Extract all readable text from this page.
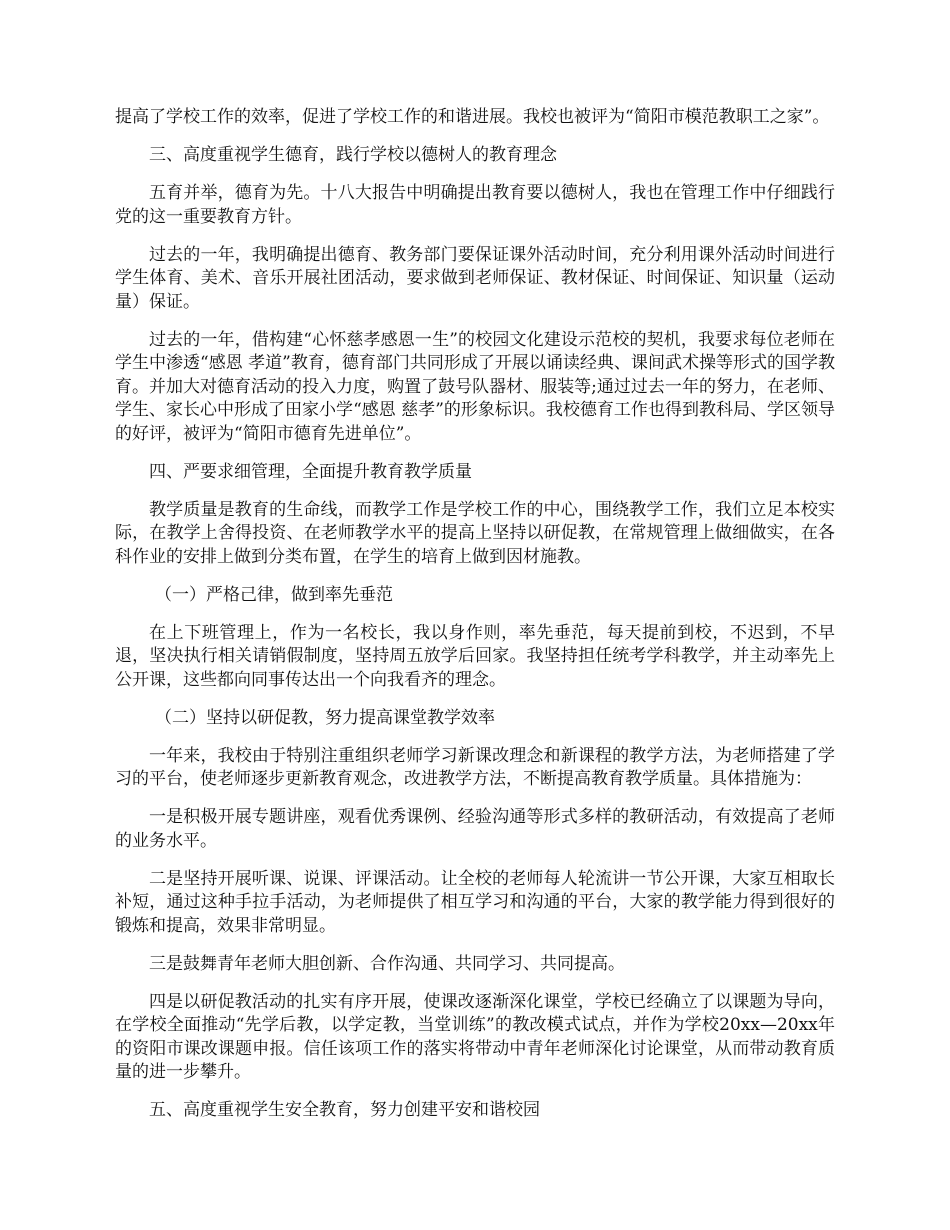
提高了学校工作的效率，促进了学校工作的和谐进展。我校也被评为“简阳市模范教职工之家”。

三、高度重视学生德育，践行学校以德树人的教育理念

五育并举，德育为先。十八大报告中明确提出教育要以德树人，我也在管理工作中仔细践行党的这一重要教育方针。

过去的一年，我明确提出德育、教务部门要保证课外活动时间，充分利用课外活动时间进行学生体育、美术、音乐开展社团活动，要求做到老师保证、教材保证、时间保证、知识量（运动量）保证。

过去的一年，借构建“心怀慈孝感恩一生”的校园文化建设示范校的契机，我要求每位老师在学生中渗透“感恩 孝道”教育，德育部门共同形成了开展以诵读经典、课间武术操等形式的国学教育。并加大对德育活动的投入力度，购置了鼓号队器材、服装等;通过过去一年的努力，在老师、学生、家长心中形成了田家小学“感恩 慈孝”的形象标识。我校德育工作也得到教科局、学区领导的好评，被评为“简阳市德育先进单位”。

四、严要求细管理，全面提升教育教学质量

教学质量是教育的生命线，而教学工作是学校工作的中心，围绕教学工作，我们立足本校实际，在教学上舍得投资、在老师教学水平的提高上坚持以研促教，在常规管理上做细做实，在各科作业的安排上做到分类布置，在学生的培育上做到因材施教。

（一）严格己律，做到率先垂范

在上下班管理上，作为一名校长，我以身作则，率先垂范，每天提前到校，不迟到，不早退，坚决执行相关请销假制度，坚持周五放学后回家。我坚持担任统考学科教学，并主动率先上公开课，这些都向同事传达出一个向我看齐的理念。

（二）坚持以研促教，努力提高课堂教学效率

一年来，我校由于特别注重组织老师学习新课改理念和新课程的教学方法，为老师搭建了学习的平台，使老师逐步更新教育观念，改进教学方法，不断提高教育教学质量。具体措施为：

一是积极开展专题讲座，观看优秀课例、经验沟通等形式多样的教研活动，有效提高了老师的业务水平。

二是坚持开展听课、说课、评课活动。让全校的老师每人轮流讲一节公开课，大家互相取长补短，通过这种手拉手活动，为老师提供了相互学习和沟通的平台，大家的教学能力得到很好的锻炼和提高，效果非常明显。

三是鼓舞青年老师大胆创新、合作沟通、共同学习、共同提高。

四是以研促教活动的扎实有序开展，使课改逐渐深化课堂，学校已经确立了以课题为导向，在学校全面推动“先学后教，以学定教，当堂训练”的教改模式试点，并作为学校20xx—20xx年的资阳市课改课题申报。信任该项工作的落实将带动中青年老师深化讨论课堂，从而带动教育质量的进一步攀升。

五、高度重视学生安全教育，努力创建平安和谐校园
